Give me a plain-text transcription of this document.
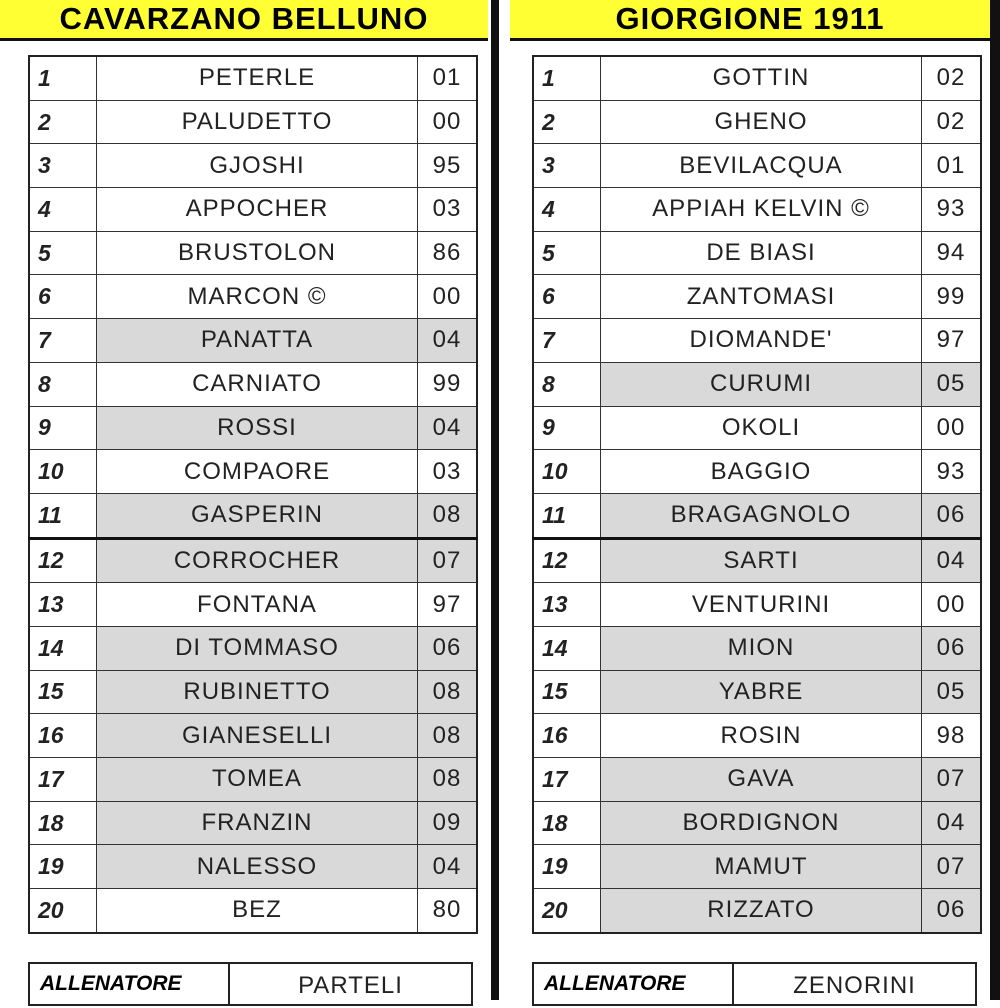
CAVARZANO BELLUNO
1	PETERLE	01
2	PALUDETTO	00
3	GJOSHI	95
4	APPOCHER	03
5	BRUSTOLON	86
6	MARCON ©	00
7	PANATTA	04
8	CARNIATO	99
9	ROSSI	04
10	COMPAORE	03
11	GASPERIN	08
12	CORROCHER	07
13	FONTANA	97
14	DI TOMMASO	06
15	RUBINETTO	08
16	GIANESELLI	08
17	TOMEA	08
18	FRANZIN	09
19	NALESSO	04
20	BEZ	80
ALLENATORE	PARTELI
GIORGIONE 1911
1	GOTTIN	02
2	GHENO	02
3	BEVILACQUA	01
4	APPIAH KELVIN ©	93
5	DE BIASI	94
6	ZANTOMASI	99
7	DIOMANDE'	97
8	CURUMI	05
9	OKOLI	00
10	BAGGIO	93
11	BRAGAGNOLO	06
12	SARTI	04
13	VENTURINI	00
14	MION	06
15	YABRE	05
16	ROSIN	98
17	GAVA	07
18	BORDIGNON	04
19	MAMUT	07
20	RIZZATO	06
ALLENATORE	ZENORINI
